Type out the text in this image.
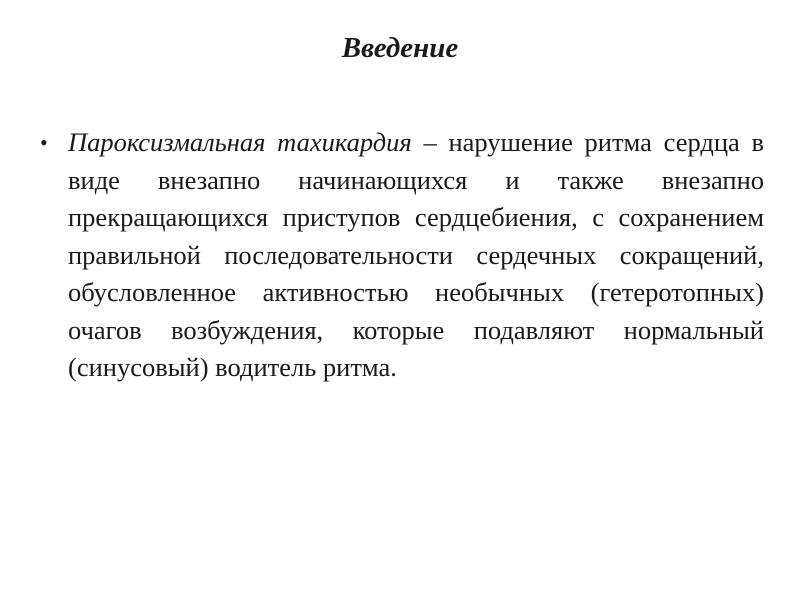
Введение
• Пароксизмальная тахикардия – нарушение ритма сердца в виде внезапно начинающихся и также внезапно прекращающихся приступов сердцебиения, с сохранением правильной последовательности сердечных сокращений, обусловленное активностью необычных (гетеротопных) очагов возбуждения, которые подавляют нормальный (синусовый) водитель ритма.
